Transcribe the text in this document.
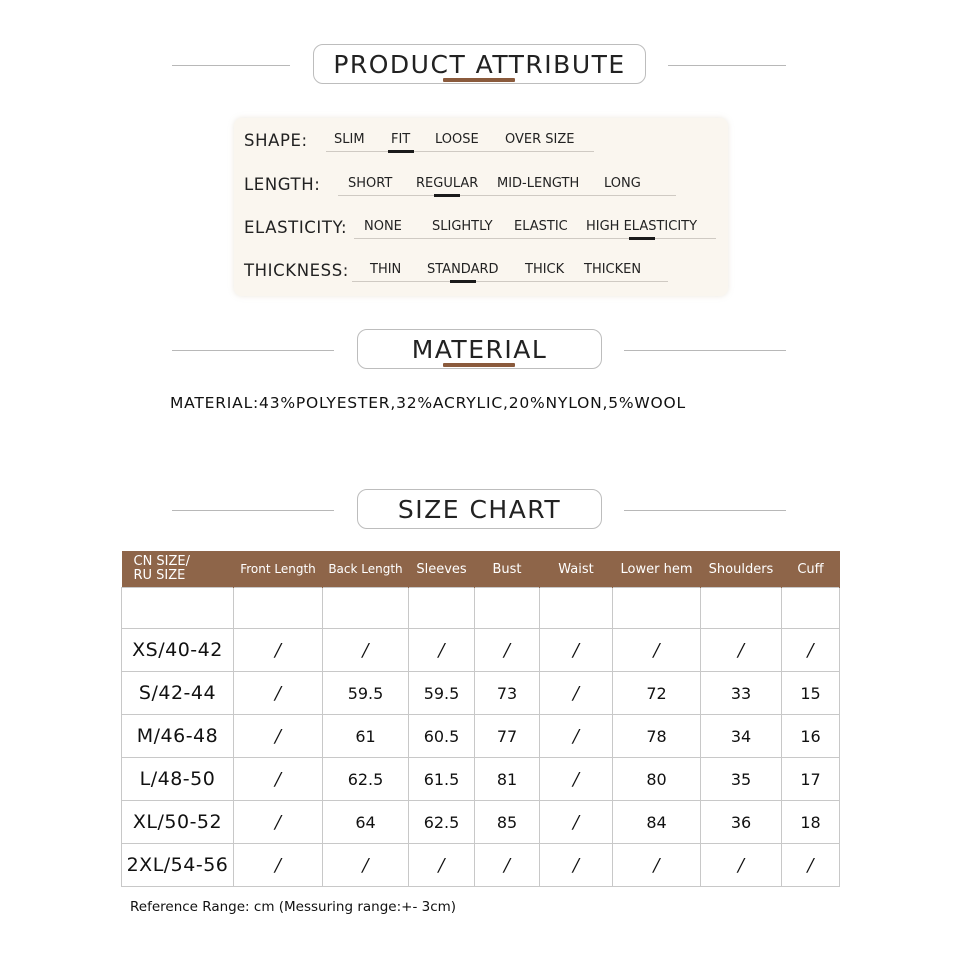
PRODUCT ATTRIBUTE
SHAPE: SLIM FIT LOOSE OVER SIZE
LENGTH: SHORT REGULAR MID-LENGTH LONG
ELASTICITY: NONE SLIGHTLY ELASTIC HIGH ELASTICITY
THICKNESS: THIN STANDARD THICK THICKEN
MATERIAL
MATERIAL:43%POLYESTER,32%ACRYLIC,20%NYLON,5%WOOL
SIZE CHART
CN SIZE/
RU SIZE	Front Length	Back Length	Sleeves	Bust	Waist	Lower hem	Shoulders	Cuff

XS/40-42	/	/	/	/	/	/	/	/
S/42-44	/	59.5	59.5	73	/	72	33	15
M/46-48	/	61	60.5	77	/	78	34	16
L/48-50	/	62.5	61.5	81	/	80	35	17
XL/50-52	/	64	62.5	85	/	84	36	18
2XL/54-56	/	/	/	/	/	/	/	/
Reference Range: cm (Messuring range:+- 3cm)
